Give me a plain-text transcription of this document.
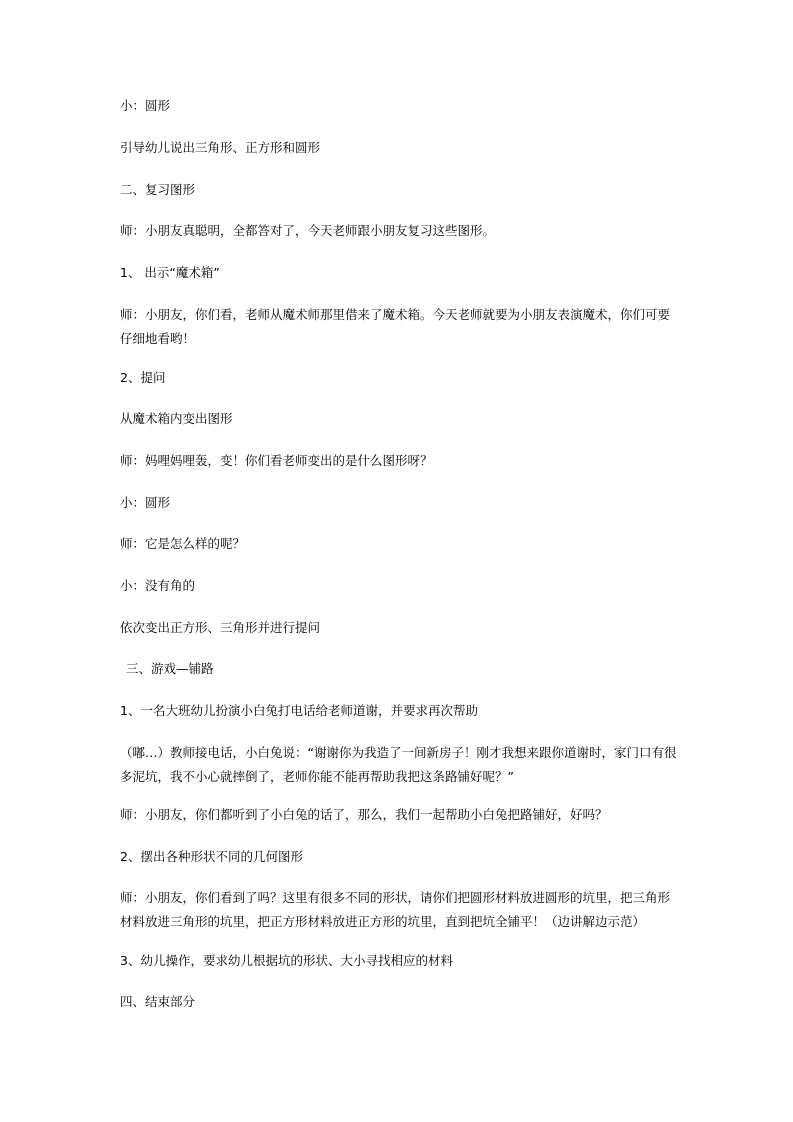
小：圆形

引导幼儿说出三角形、正方形和圆形

二、复习图形

师：小朋友真聪明，全都答对了，今天老师跟小朋友复习这些图形。

1、 出示“魔术箱”

师：小朋友，你们看，老师从魔术师那里借来了魔术箱。今天老师就要为小朋友表演魔术，你们可要仔细地看哟！

2、提问

从魔术箱内变出图形

师：妈哩妈哩轰，变！你们看老师变出的是什么图形呀？

小：圆形

师：它是怎么样的呢？

小：没有角的

依次变出正方形、三角形并进行提问

三、游戏—铺路

1、一名大班幼儿扮演小白兔打电话给老师道谢，并要求再次帮助

（嘟…）教师接电话，小白兔说：“谢谢你为我造了一间新房子！刚才我想来跟你道谢时，家门口有很多泥坑，我不小心就摔倒了，老师你能不能再帮助我把这条路铺好呢？”

师：小朋友，你们都听到了小白兔的话了，那么，我们一起帮助小白兔把路铺好，好吗？

2、摆出各种形状不同的几何图形

师：小朋友，你们看到了吗？这里有很多不同的形状，请你们把圆形材料放进圆形的坑里，把三角形材料放进三角形的坑里，把正方形材料放进正方形的坑里，直到把坑全铺平！（边讲解边示范）

3、幼儿操作，要求幼儿根据坑的形状、大小寻找相应的材料

四、结束部分
